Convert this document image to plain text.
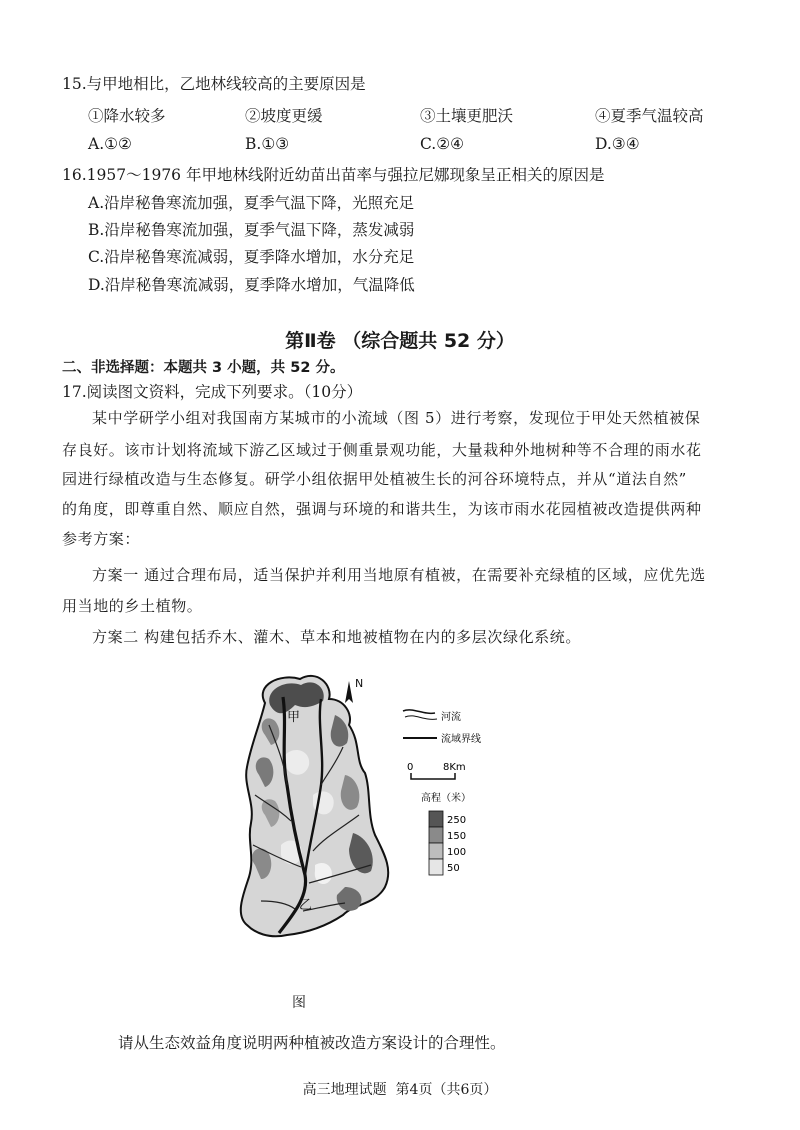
15.与甲地相比，乙地林线较高的主要原因是
①降水较多	②坡度更缓	③土壤更肥沃	④夏季气温较高
A.①②	B.①③	C.②④	D.③④
16.1957～1976 年甲地林线附近幼苗出苗率与强拉尼娜现象呈正相关的原因是
A.沿岸秘鲁寒流加强，夏季气温下降，光照充足
B.沿岸秘鲁寒流加强，夏季气温下降，蒸发减弱
C.沿岸秘鲁寒流减弱，夏季降水增加，水分充足
D.沿岸秘鲁寒流减弱，夏季降水增加，气温降低
第Ⅱ卷 （综合题共 52 分）
二、非选择题：本题共 3 小题，共 52 分。
17.阅读图文资料，完成下列要求。（10分）
某中学研学小组对我国南方某城市的小流域（图 5）进行考察，发现位于甲处天然植被保
存良好。该市计划将流域下游乙区域过于侧重景观功能，大量栽种外地树种等不合理的雨水花
园进行绿植改造与生态修复。研学小组依据甲处植被生长的河谷环境特点，并从“道法自然”
的角度，即尊重自然、顺应自然，强调与环境的和谐共生，为该市雨水花园植被改造提供两种
参考方案：
方案一 通过合理布局，适当保护并利用当地原有植被，在需要补充绿植的区域，应优先选
用当地的乡土植物。
方案二 构建包括乔木、灌木、草本和地被植物在内的多层次绿化系统。
甲
乙
N
河流
流域界线
0	8Km
高程（米）
250
150
100
50
图
请从生态效益角度说明两种植被改造方案设计的合理性。
高三地理试题  第4页（共6页）
